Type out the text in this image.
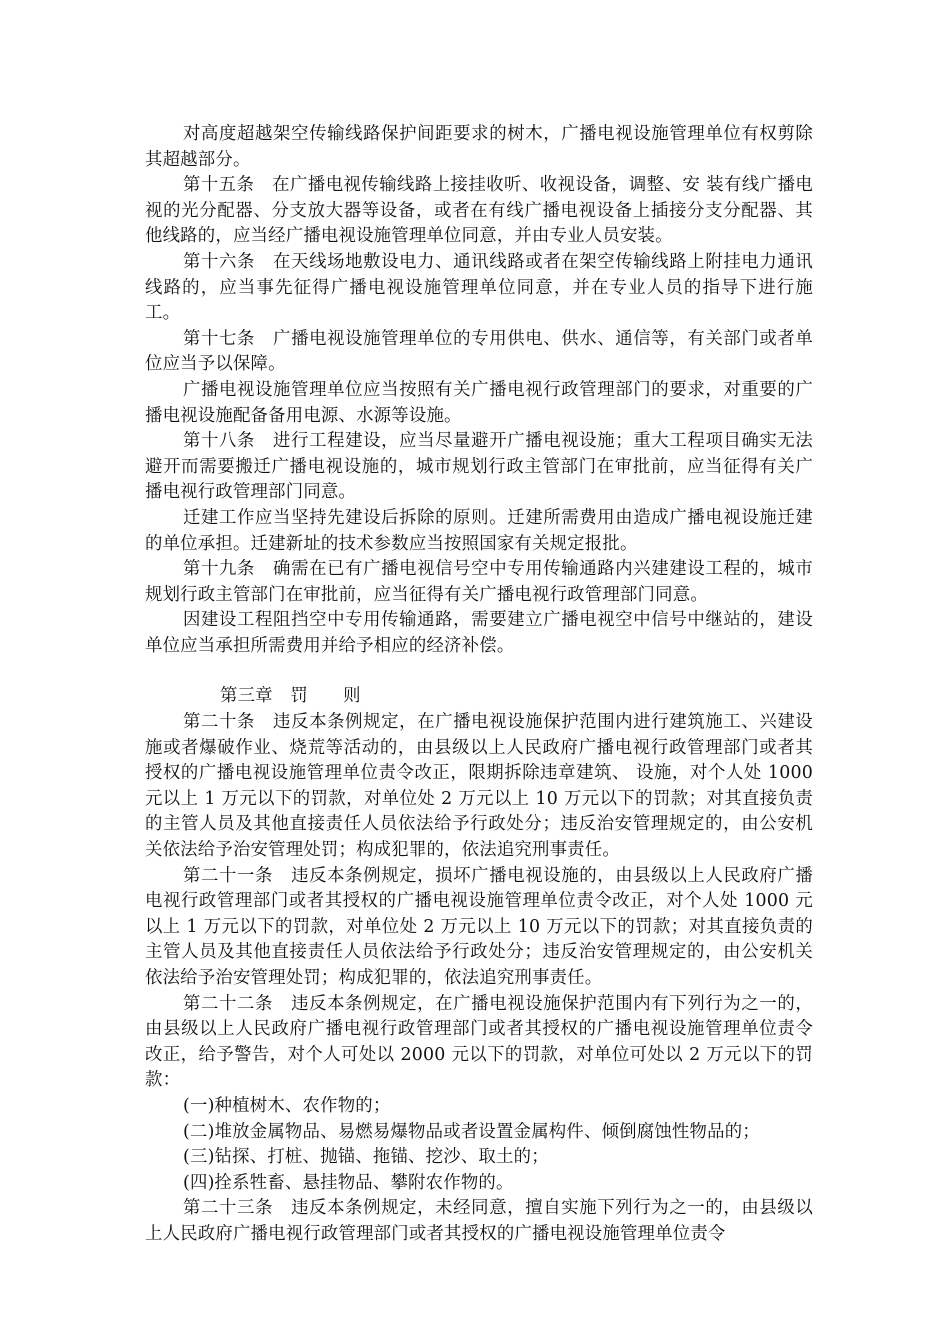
对高度超越架空传输线路保护间距要求的树木，广播电视设施管理单位有权剪除其超越部分。

第十五条　在广播电视传输线路上接挂收听、收视设备，调整、安 装有线广播电视的光分配器、分支放大器等设备，或者在有线广播电视设备上插接分支分配器、其他线路的，应当经广播电视设施管理单位同意，并由专业人员安装。

第十六条　在天线场地敷设电力、通讯线路或者在架空传输线路上附挂电力通讯线路的，应当事先征得广播电视设施管理单位同意，并在专业人员的指导下进行施工。

第十七条　广播电视设施管理单位的专用供电、供水、通信等，有关部门或者单位应当予以保障。

广播电视设施管理单位应当按照有关广播电视行政管理部门的要求，对重要的广播电视设施配备备用电源、水源等设施。

第十八条　进行工程建设，应当尽量避开广播电视设施；重大工程项目确实无法避开而需要搬迁广播电视设施的，城市规划行政主管部门在审批前，应当征得有关广播电视行政管理部门同意。

迁建工作应当坚持先建设后拆除的原则。迁建所需费用由造成广播电视设施迁建的单位承担。迁建新址的技术参数应当按照国家有关规定报批。

第十九条　确需在已有广播电视信号空中专用传输通路内兴建建设工程的，城市规划行政主管部门在审批前，应当征得有关广播电视行政管理部门同意。

因建设工程阻挡空中专用传输通路，需要建立广播电视空中信号中继站的，建设单位应当承担所需费用并给予相应的经济补偿。

第三章　罚　　则

第二十条　违反本条例规定，在广播电视设施保护范围内进行建筑施工、兴建设施或者爆破作业、烧荒等活动的，由县级以上人民政府广播电视行政管理部门或者其授权的广播电视设施管理单位责令改正，限期拆除违章建筑、 设施，对个人处 1000 元以上 1 万元以下的罚款，对单位处 2 万元以上 10 万元以下的罚款；对其直接负责的主管人员及其他直接责任人员依法给予行政处分；违反治安管理规定的，由公安机关依法给予治安管理处罚；构成犯罪的，依法追究刑事责任。

第二十一条　违反本条例规定，损坏广播电视设施的，由县级以上人民政府广播电视行政管理部门或者其授权的广播电视设施管理单位责令改正，对个人处 1000 元以上 1 万元以下的罚款，对单位处 2 万元以上 10 万元以下的罚款；对其直接负责的主管人员及其他直接责任人员依法给予行政处分；违反治安管理规定的，由公安机关依法给予治安管理处罚；构成犯罪的，依法追究刑事责任。

第二十二条　违反本条例规定，在广播电视设施保护范围内有下列行为之一的，由县级以上人民政府广播电视行政管理部门或者其授权的广播电视设施管理单位责令改正，给予警告，对个人可处以 2000 元以下的罚款，对单位可处以 2 万元以下的罚款：

(一)种植树木、农作物的；

(二)堆放金属物品、易燃易爆物品或者设置金属构件、倾倒腐蚀性物品的；

(三)钻探、打桩、抛锚、拖锚、挖沙、取土的；

(四)拴系牲畜、悬挂物品、攀附农作物的。

第二十三条　违反本条例规定，未经同意，擅自实施下列行为之一的，由县级以上人民政府广播电视行政管理部门或者其授权的广播电视设施管理单位责令
